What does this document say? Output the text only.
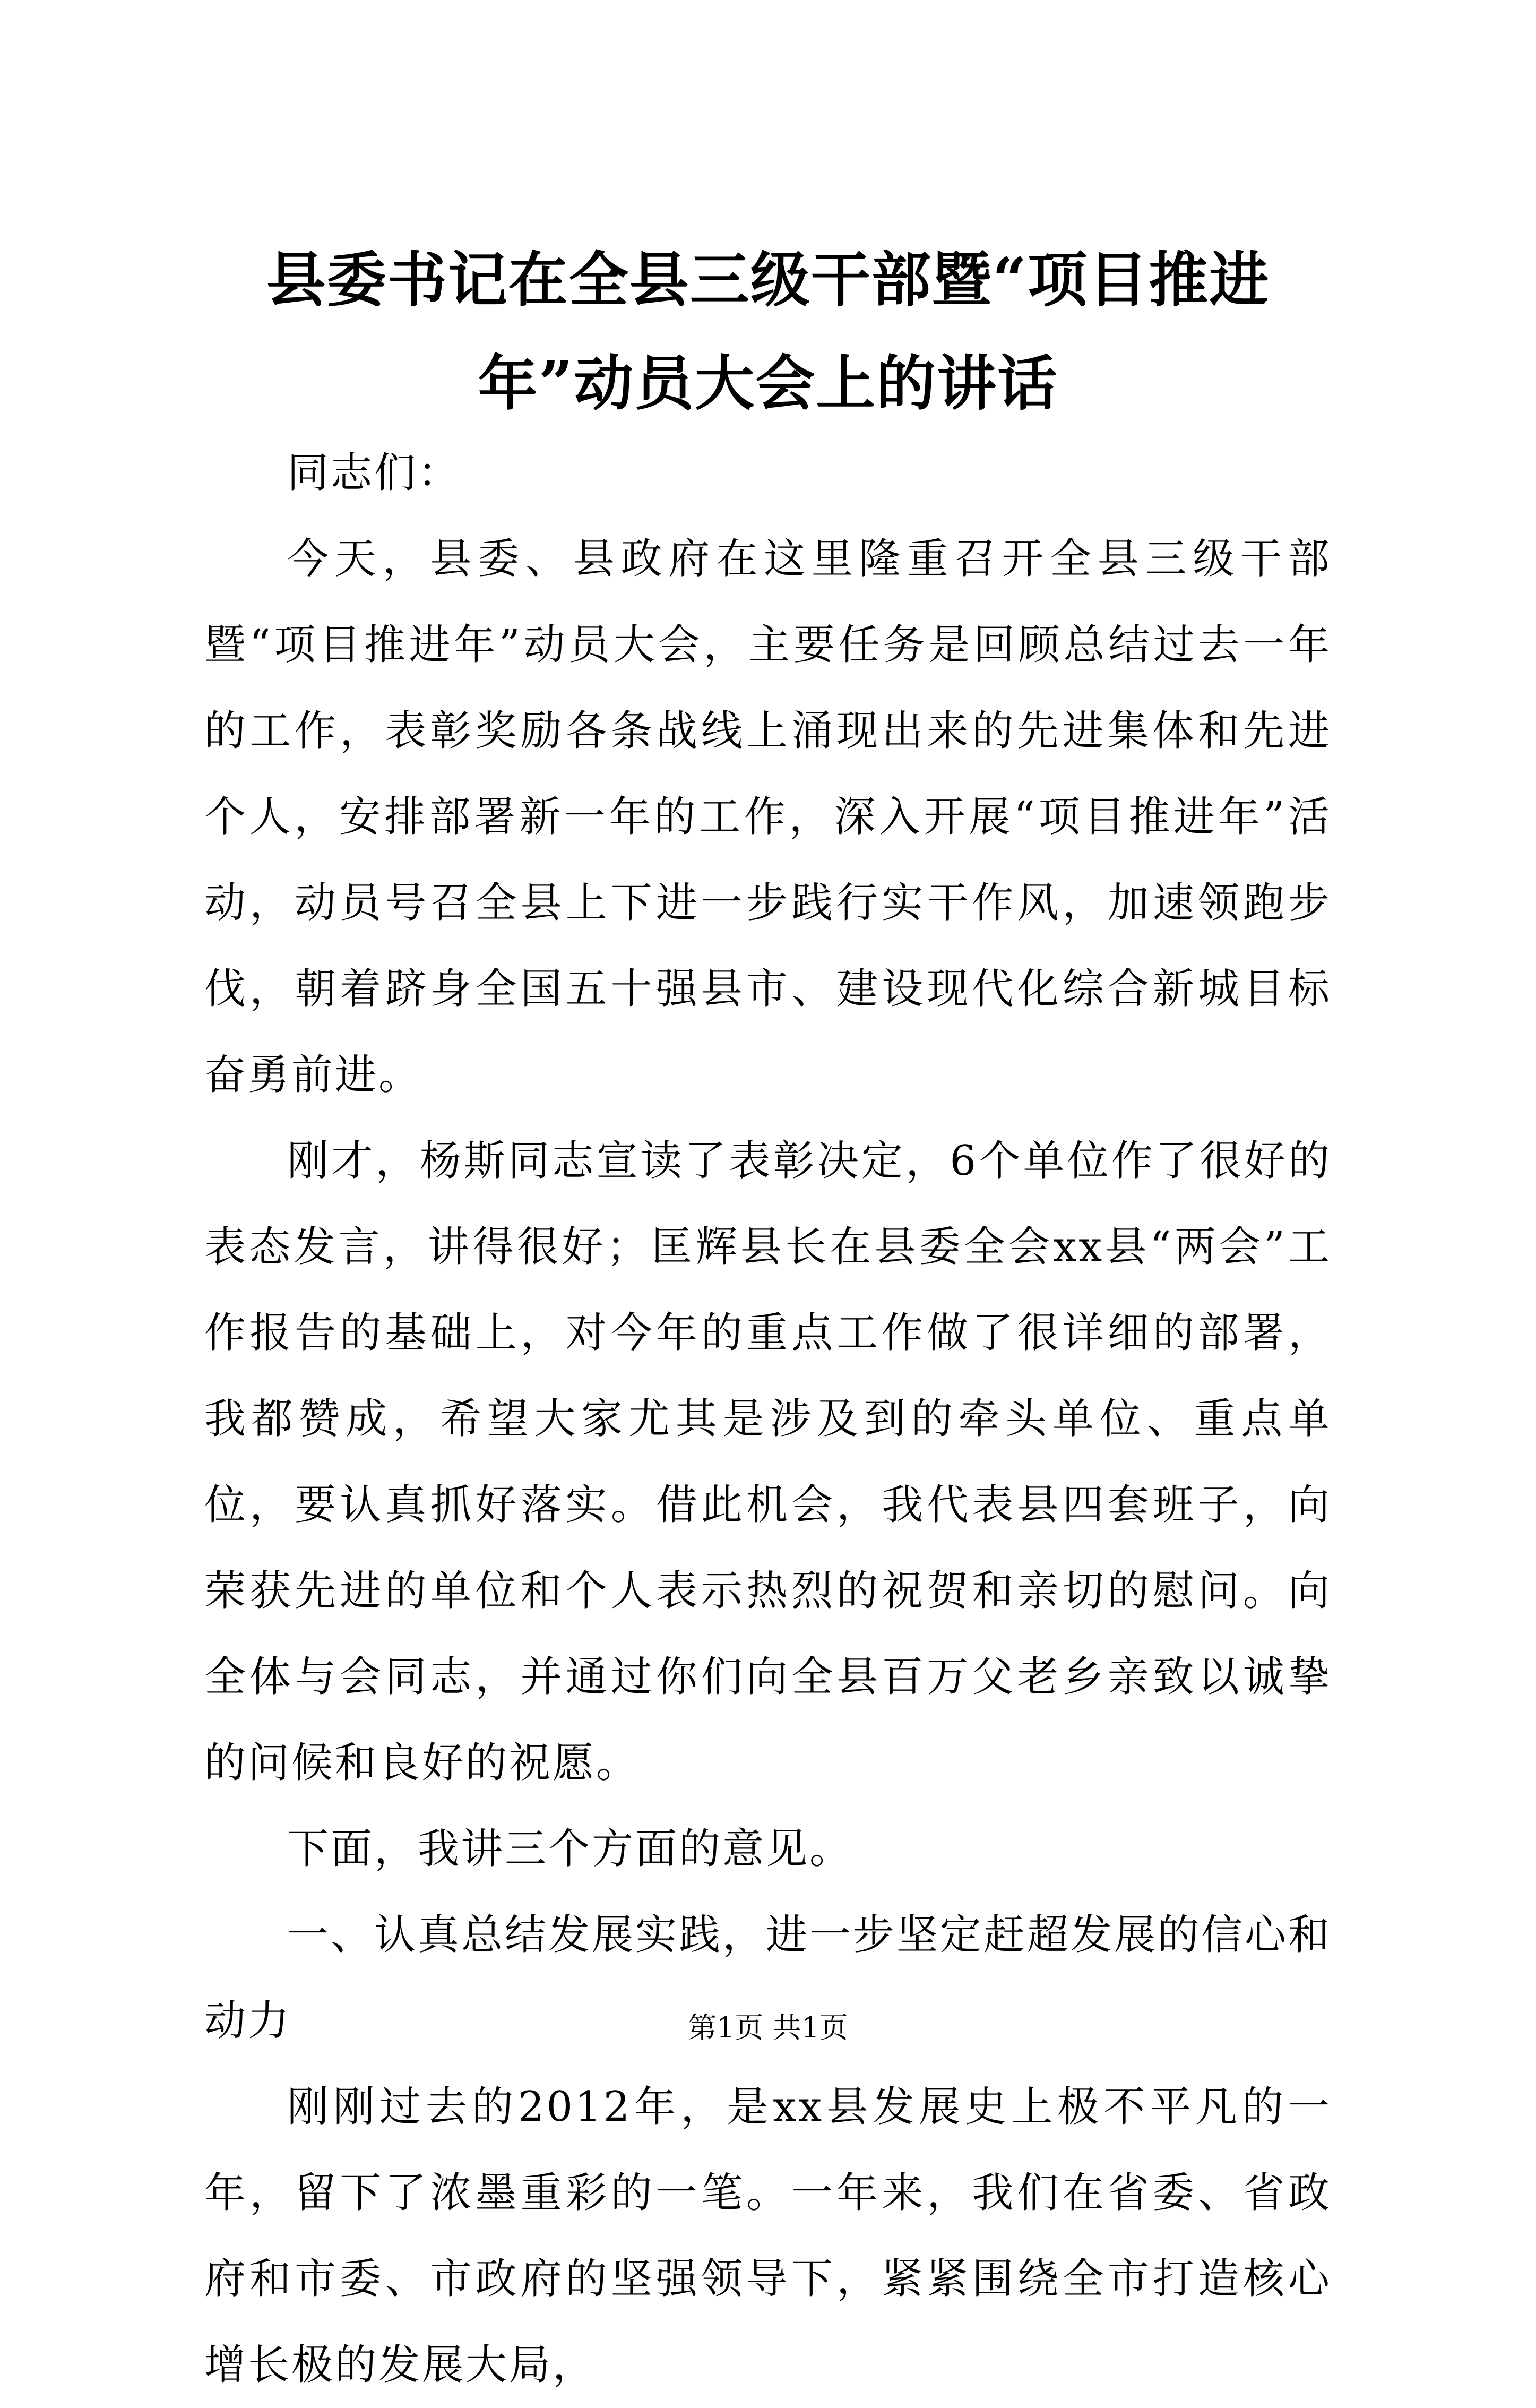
县委书记在全县三级干部暨“项目推进年”动员大会上的讲话

同志们：

今天，县委、县政府在这里隆重召开全县三级干部暨“项目推进年”动员大会，主要任务是回顾总结过去一年的工作，表彰奖励各条战线上涌现出来的先进集体和先进个人，安排部署新一年的工作，深入开展“项目推进年”活动，动员号召全县上下进一步践行实干作风，加速领跑步伐，朝着跻身全国五十强县市、建设现代化综合新城目标奋勇前进。

刚才，杨斯同志宣读了表彰决定，6个单位作了很好的表态发言，讲得很好；匡辉县长在县委全会xx县“两会”工作报告的基础上，对今年的重点工作做了很详细的部署，我都赞成，希望大家尤其是涉及到的牵头单位、重点单位，要认真抓好落实。借此机会，我代表县四套班子，向荣获先进的单位和个人表示热烈的祝贺和亲切的慰问。向全体与会同志，并通过你们向全县百万父老乡亲致以诚挚的问候和良好的祝愿。

下面，我讲三个方面的意见。

一、认真总结发展实践，进一步坚定赶超发展的信心和动力

刚刚过去的2012年，是xx县发展史上极不平凡的一年，留下了浓墨重彩的一笔。一年来，我们在省委、省政府和市委、市政府的坚强领导下，紧紧围绕全市打造核心增长极的发展大局，

第1页 共1页
